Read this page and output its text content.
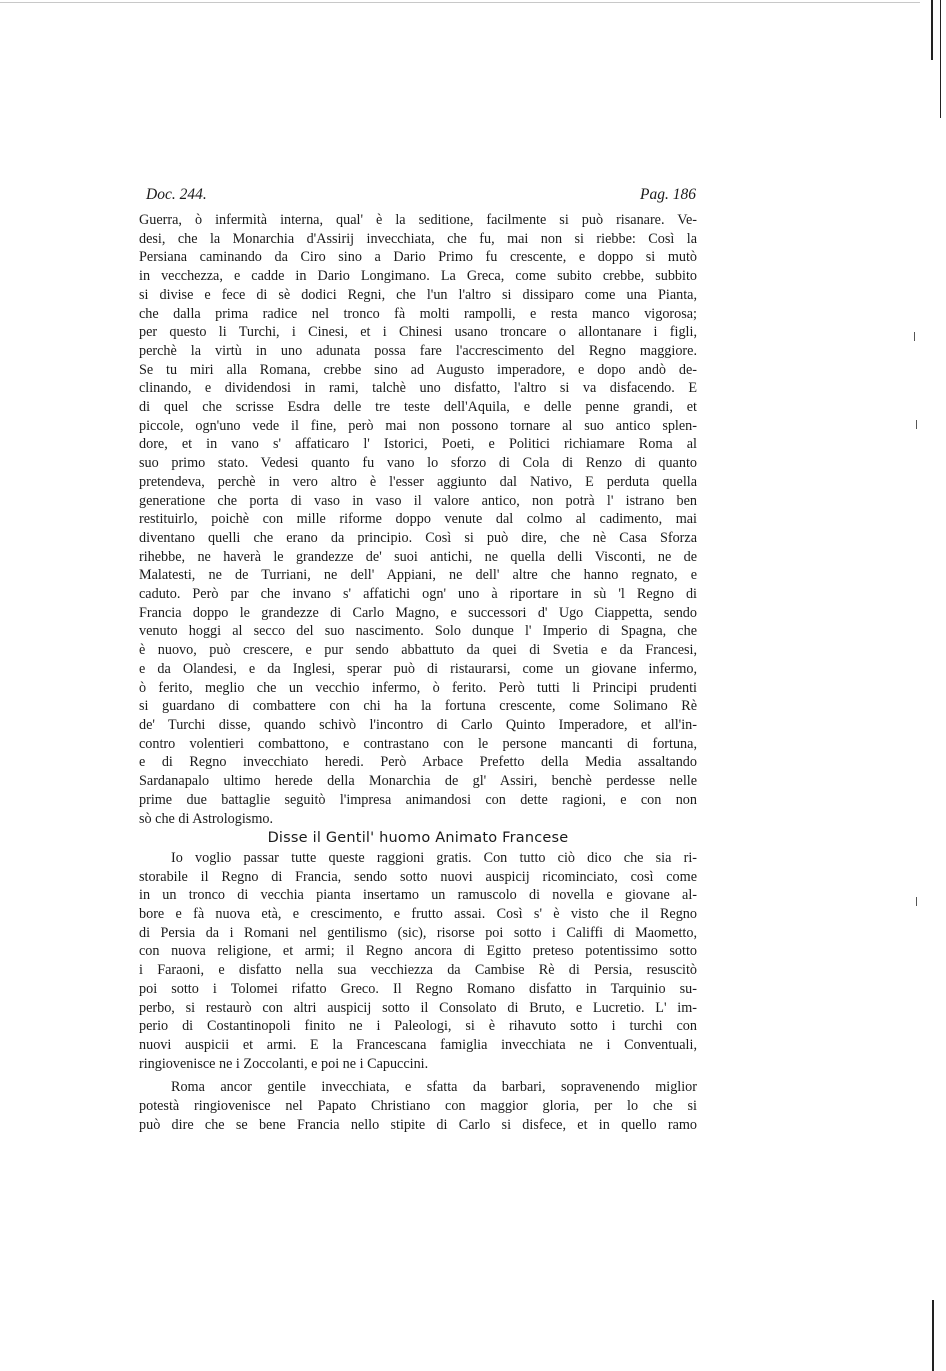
Doc. 244.	Pag. 186
Guerra, ò infermità interna, qual' è la seditione, facilmente si può risanare. Ve-
desi, che la Monarchia d'Assirij invecchiata, che fu, mai non si riebbe: Così la
Persiana caminando da Ciro sino a Dario Primo fu crescente, e doppo si mutò
in vecchezza, e cadde in Dario Longimano. La Greca, come subito crebbe, subbito
si divise e fece di sè dodici Regni, che l'un l'altro si dissiparo come una Pianta,
che dalla prima radice nel tronco fà molti rampolli, e resta manco vigorosa;
per questo li Turchi, i Cinesi, et i Chinesi usano troncare o allontanare i figli,
perchè la virtù in uno adunata possa fare l'accrescimento del Regno maggiore.
Se tu miri alla Romana, crebbe sino ad Augusto imperadore, e dopo andò de-
clinando, e dividendosi in rami, talchè uno disfatto, l'altro si va disfacendo. E
di quel che scrisse Esdra delle tre teste dell'Aquila, e delle penne grandi, et
piccole, ogn'uno vede il fine, però mai non possono tornare al suo antico splen-
dore, et in vano s' affaticaro l' Istorici, Poeti, e Politici richiamare Roma al
suo primo stato. Vedesi quanto fu vano lo sforzo di Cola di Renzo di quanto
pretendeva, perchè in vero altro è l'esser aggiunto dal Nativo, E perduta quella
generatione che porta di vaso in vaso il valore antico, non potrà l' istrano ben
restituirlo, poichè con mille riforme doppo venute dal colmo al cadimento, mai
diventano quelli che erano da principio. Così si può dire, che nè Casa Sforza
rihebbe, ne haverà le grandezze de' suoi antichi, ne quella delli Visconti, ne de
Malatesti, ne de Turriani, ne dell' Appiani, ne dell' altre che hanno regnato, e
caduto. Però par che invano s' affatichi ogn' uno à riportare in sù 'l Regno di
Francia doppo le grandezze di Carlo Magno, e successori d' Ugo Ciappetta, sendo
venuto hoggi al secco del suo nascimento. Solo dunque l' Imperio di Spagna, che
è nuovo, può crescere, e pur sendo abbattuto da quei di Svetia e da Francesi,
e da Olandesi, e da Inglesi, sperar può di ristaurarsi, come un giovane infermo,
ò ferito, meglio che un vecchio infermo, ò ferito. Però tutti li Principi prudenti
si guardano di combattere con chi ha la fortuna crescente, come Solimano Rè
de' Turchi disse, quando schivò l'incontro di Carlo Quinto Imperadore, et all'in-
contro volentieri combattono, e contrastano con le persone mancanti di fortuna,
e di Regno invecchiato heredi. Però Arbace Prefetto della Media assaltando
Sardanapalo ultimo herede della Monarchia de gl' Assiri, benchè perdesse nelle
prime due battaglie seguitò l'impresa animandosi con dette ragioni, e con non
sò che di Astrologismo.
Disse il Gentil' huomo Animato Francese
Io voglio passar tutte queste raggioni gratis. Con tutto ciò dico che sia ri-
storabile il Regno di Francia, sendo sotto nuovi auspicij ricominciato, così come
in un tronco di vecchia pianta insertamo un ramuscolo di novella e giovane al-
bore e fà nuova età, e crescimento, e frutto assai. Così s' è visto che il Regno
di Persia da i Romani nel gentilismo (sic), risorse poi sotto i Califfi di Maometto,
con nuova religione, et armi; il Regno ancora di Egitto preteso potentissimo sotto
i Faraoni, e disfatto nella sua vecchiezza da Cambise Rè di Persia, resuscitò
poi sotto i Tolomei rifatto Greco. Il Regno Romano disfatto in Tarquinio su-
perbo, si restaurò con altri auspicij sotto il Consolato di Bruto, e Lucretio. L' im-
perio di Costantinopoli finito ne i Paleologi, si è rihavuto sotto i turchi con
nuovi auspicii et armi. E la Francescana famiglia invecchiata ne i Conventuali,
ringiovenisce ne i Zoccolanti, e poi ne i Capuccini.
Roma ancor gentile invecchiata, e sfatta da barbari, sopravenendo miglior
potestà ringiovenisce nel Papato Christiano con maggior gloria, per lo che si
può dire che se bene Francia nello stipite di Carlo si disfece, et in quello ramo
